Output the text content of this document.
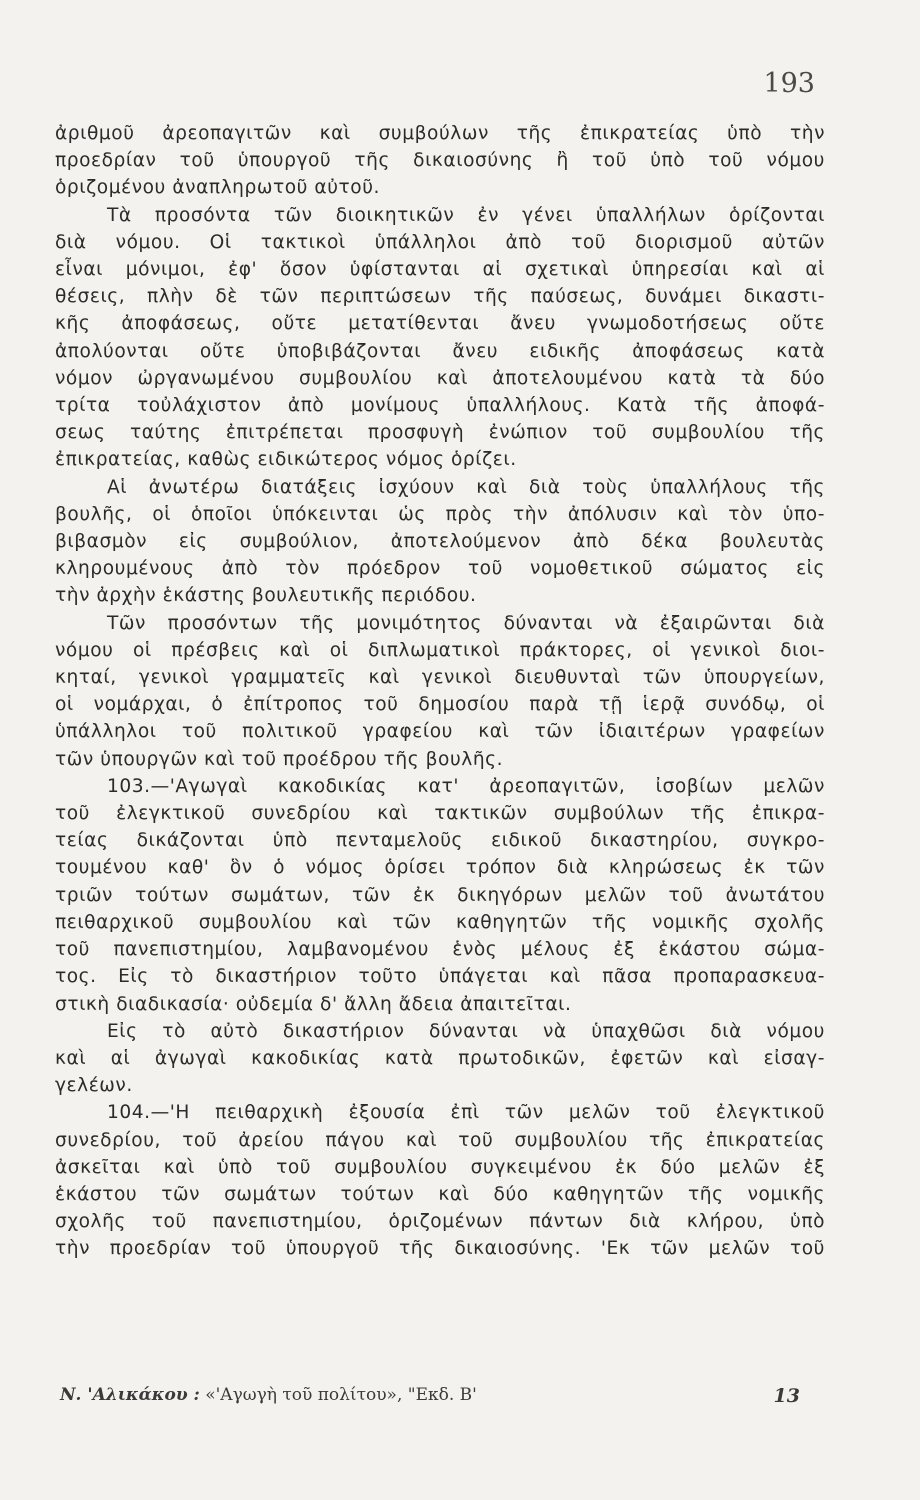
193
ἀριθμοῦ ἀρεοπαγιτῶν καὶ συμβούλων τῆς ἐπικρατείας ὑπὸ τὴν
προεδρίαν τοῦ ὑπουργοῦ τῆς δικαιοσύνης ἢ τοῦ ὑπὸ τοῦ νόμου
ὁριζομένου ἀναπληρωτοῦ αὐτοῦ.
Τὰ προσόντα τῶν διοικητικῶν ἐν γένει ὑπαλλήλων ὁρίζονται
διὰ νόμου. Οἱ τακτικοὶ ὑπάλληλοι ἀπὸ τοῦ διορισμοῦ αὐτῶν
εἶναι μόνιμοι, ἐφ' ὅσον ὑφίστανται αἱ σχετικαὶ ὑπηρεσίαι καὶ αἱ
θέσεις, πλὴν δὲ τῶν περιπτώσεων τῆς παύσεως, δυνάμει δικαστι-
κῆς ἀποφάσεως, οὔτε μετατίθενται ἄνευ γνωμοδοτήσεως οὔτε
ἀπολύονται οὔτε ὑποβιβάζονται ἄνευ ειδικῆς ἀποφάσεως κατὰ
νόμον ὠργανωμένου συμβουλίου καὶ ἀποτελουμένου κατὰ τὰ δύο
τρίτα τοὐλάχιστον ἀπὸ μονίμους ὑπαλλήλους. Κατὰ τῆς ἀποφά-
σεως ταύτης ἐπιτρέπεται προσφυγὴ ἐνώπιον τοῦ συμβουλίου τῆς
ἐπικρατείας, καθὼς ειδικώτερος νόμος ὁρίζει.
Αἱ ἀνωτέρω διατάξεις ἰσχύουν καὶ διὰ τοὺς ὑπαλλήλους τῆς
βουλῆς, οἱ ὁποῖοι ὑπόκεινται ὡς πρὸς τὴν ἀπόλυσιν καὶ τὸν ὑπο-
βιβασμὸν εἰς συμβούλιον, ἀποτελούμενον ἀπὸ δέκα βουλευτὰς
κληρουμένους ἀπὸ τὸν πρόεδρον τοῦ νομοθετικοῦ σώματος εἰς
τὴν ἀρχὴν ἑκάστης βουλευτικῆς περιόδου.
Τῶν προσόντων τῆς μονιμότητος δύνανται νὰ ἐξαιρῶνται διὰ
νόμου οἱ πρέσβεις καὶ οἱ διπλωματικοὶ πράκτορες, οἱ γενικοὶ διοι-
κηταί, γενικοὶ γραμματεῖς καὶ γενικοὶ διευθυνταὶ τῶν ὑπουργείων,
οἱ νομάρχαι, ὁ ἐπίτροπος τοῦ δημοσίου παρὰ τῇ ἱερᾷ συνόδῳ, οἱ
ὑπάλληλοι τοῦ πολιτικοῦ γραφείου καὶ τῶν ἰδιαιτέρων γραφείων
τῶν ὑπουργῶν καὶ τοῦ προέδρου τῆς βουλῆς.
103.—'Αγωγαὶ κακοδικίας κατ' ἀρεοπαγιτῶν, ἰσοβίων μελῶν
τοῦ ἐλεγκτικοῦ συνεδρίου καὶ τακτικῶν συμβούλων τῆς ἐπικρα-
τείας δικάζονται ὑπὸ πενταμελοῦς ειδικοῦ δικαστηρίου, συγκρο-
τουμένου καθ' ὃν ὁ νόμος ὁρίσει τρόπον διὰ κληρώσεως ἐκ τῶν
τριῶν τούτων σωμάτων, τῶν ἐκ δικηγόρων μελῶν τοῦ ἀνωτάτου
πειθαρχικοῦ συμβουλίου καὶ τῶν καθηγητῶν τῆς νομικῆς σχολῆς
τοῦ πανεπιστημίου, λαμβανομένου ἑνὸς μέλους ἐξ ἑκάστου σώμα-
τος. Εἰς τὸ δικαστήριον τοῦτο ὑπάγεται καὶ πᾶσα προπαρασκευα-
στικὴ διαδικασία· οὐδεμία δ' ἄλλη ἄδεια ἀπαιτεῖται.
Εἰς τὸ αὐτὸ δικαστήριον δύνανται νὰ ὑπαχθῶσι διὰ νόμου
καὶ αἱ ἀγωγαὶ κακοδικίας κατὰ πρωτοδικῶν, ἐφετῶν καὶ εἰσαγ-
γελέων.
104.—'Η πειθαρχικὴ ἐξουσία ἐπὶ τῶν μελῶν τοῦ ἐλεγκτικοῦ
συνεδρίου, τοῦ ἀρείου πάγου καὶ τοῦ συμβουλίου τῆς ἐπικρατείας
ἀσκεῖται καὶ ὑπὸ τοῦ συμβουλίου συγκειμένου ἐκ δύο μελῶν ἐξ
ἑκάστου τῶν σωμάτων τούτων καὶ δύο καθηγητῶν τῆς νομικῆς
σχολῆς τοῦ πανεπιστημίου, ὁριζομένων πάντων διὰ κλήρου, ὑπὸ
τὴν προεδρίαν τοῦ ὑπουργοῦ τῆς δικαιοσύνης. 'Εκ τῶν μελῶν τοῦ
Ν. 'Αλικάκου : «'Αγωγὴ τοῦ πολίτου», "Εκδ. Β'	13
